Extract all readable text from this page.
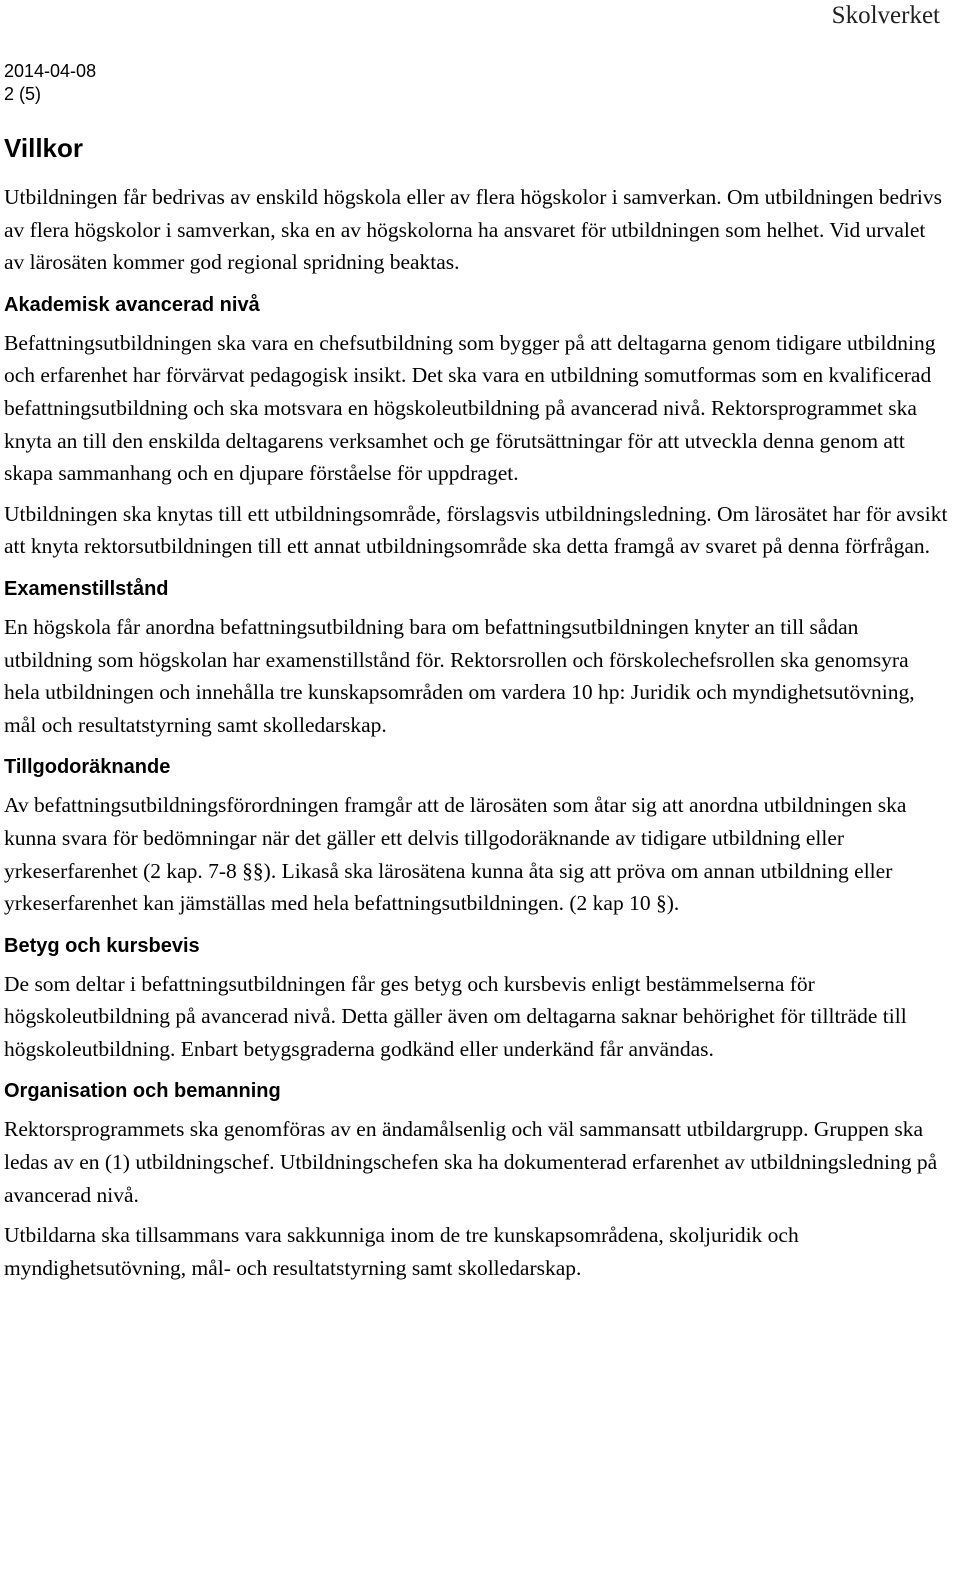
Skolverket
2014-04-08
2 (5)
Villkor

Utbildningen får bedrivas av enskild högskola eller av flera högskolor i samverkan. Om utbildningen bedrivs av flera högskolor i samverkan, ska en av högskolorna ha ansvaret för utbildningen som helhet. Vid urvalet av lärosäten kommer god regional spridning beaktas.

Akademisk avancerad nivå

Befattningsutbildningen ska vara en chefsutbildning som bygger på att deltagarna genom tidigare utbildning och erfarenhet har förvärvat pedagogisk insikt. Det ska vara en utbildning somutformas som en kvalificerad befattningsutbildning och ska motsvara en högskoleutbildning på avancerad nivå. Rektorsprogrammet ska knyta an till den enskilda deltagarens verksamhet och ge förutsättningar för att utveckla denna genom att skapa sammanhang och en djupare förståelse för uppdraget.

Utbildningen ska knytas till ett utbildningsområde, förslagsvis utbildningsledning. Om lärosätet har för avsikt att knyta rektorsutbildningen till ett annat utbildningsområde ska detta framgå av svaret på denna förfrågan.

Examenstillstånd

En högskola får anordna befattningsutbildning bara om befattningsutbildningen knyter an till sådan utbildning som högskolan har examenstillstånd för. Rektorsrollen och förskolechefsrollen ska genomsyra hela utbildningen och innehålla tre kunskapsområden om vardera 10 hp: Juridik och myndighetsutövning, mål och resultatstyrning samt skolledarskap.

Tillgodoräknande

Av befattningsutbildningsförordningen framgår att de lärosäten som åtar sig att anordna utbildningen ska kunna svara för bedömningar när det gäller ett delvis tillgodoräknande av tidigare utbildning eller yrkeserfarenhet (2 kap. 7-8 §§). Likaså ska lärosätena kunna åta sig att pröva om annan utbildning eller yrkeserfarenhet kan jämställas med hela befattningsutbildningen. (2 kap 10 §).

Betyg och kursbevis

De som deltar i befattningsutbildningen får ges betyg och kursbevis enligt bestämmelserna för högskoleutbildning på avancerad nivå. Detta gäller även om deltagarna saknar behörighet för tillträde till högskoleutbildning. Enbart betygsgraderna godkänd eller underkänd får användas.

Organisation och bemanning

Rektorsprogrammets ska genomföras av en ändamålsenlig och väl sammansatt utbildargrupp. Gruppen ska ledas av en (1) utbildningschef. Utbildningschefen ska ha dokumenterad erfarenhet av utbildningsledning på avancerad nivå.

Utbildarna ska tillsammans vara sakkunniga inom de tre kunskapsområdena, skoljuridik och myndighetsutövning, mål- och resultatstyrning samt skolledarskap.
